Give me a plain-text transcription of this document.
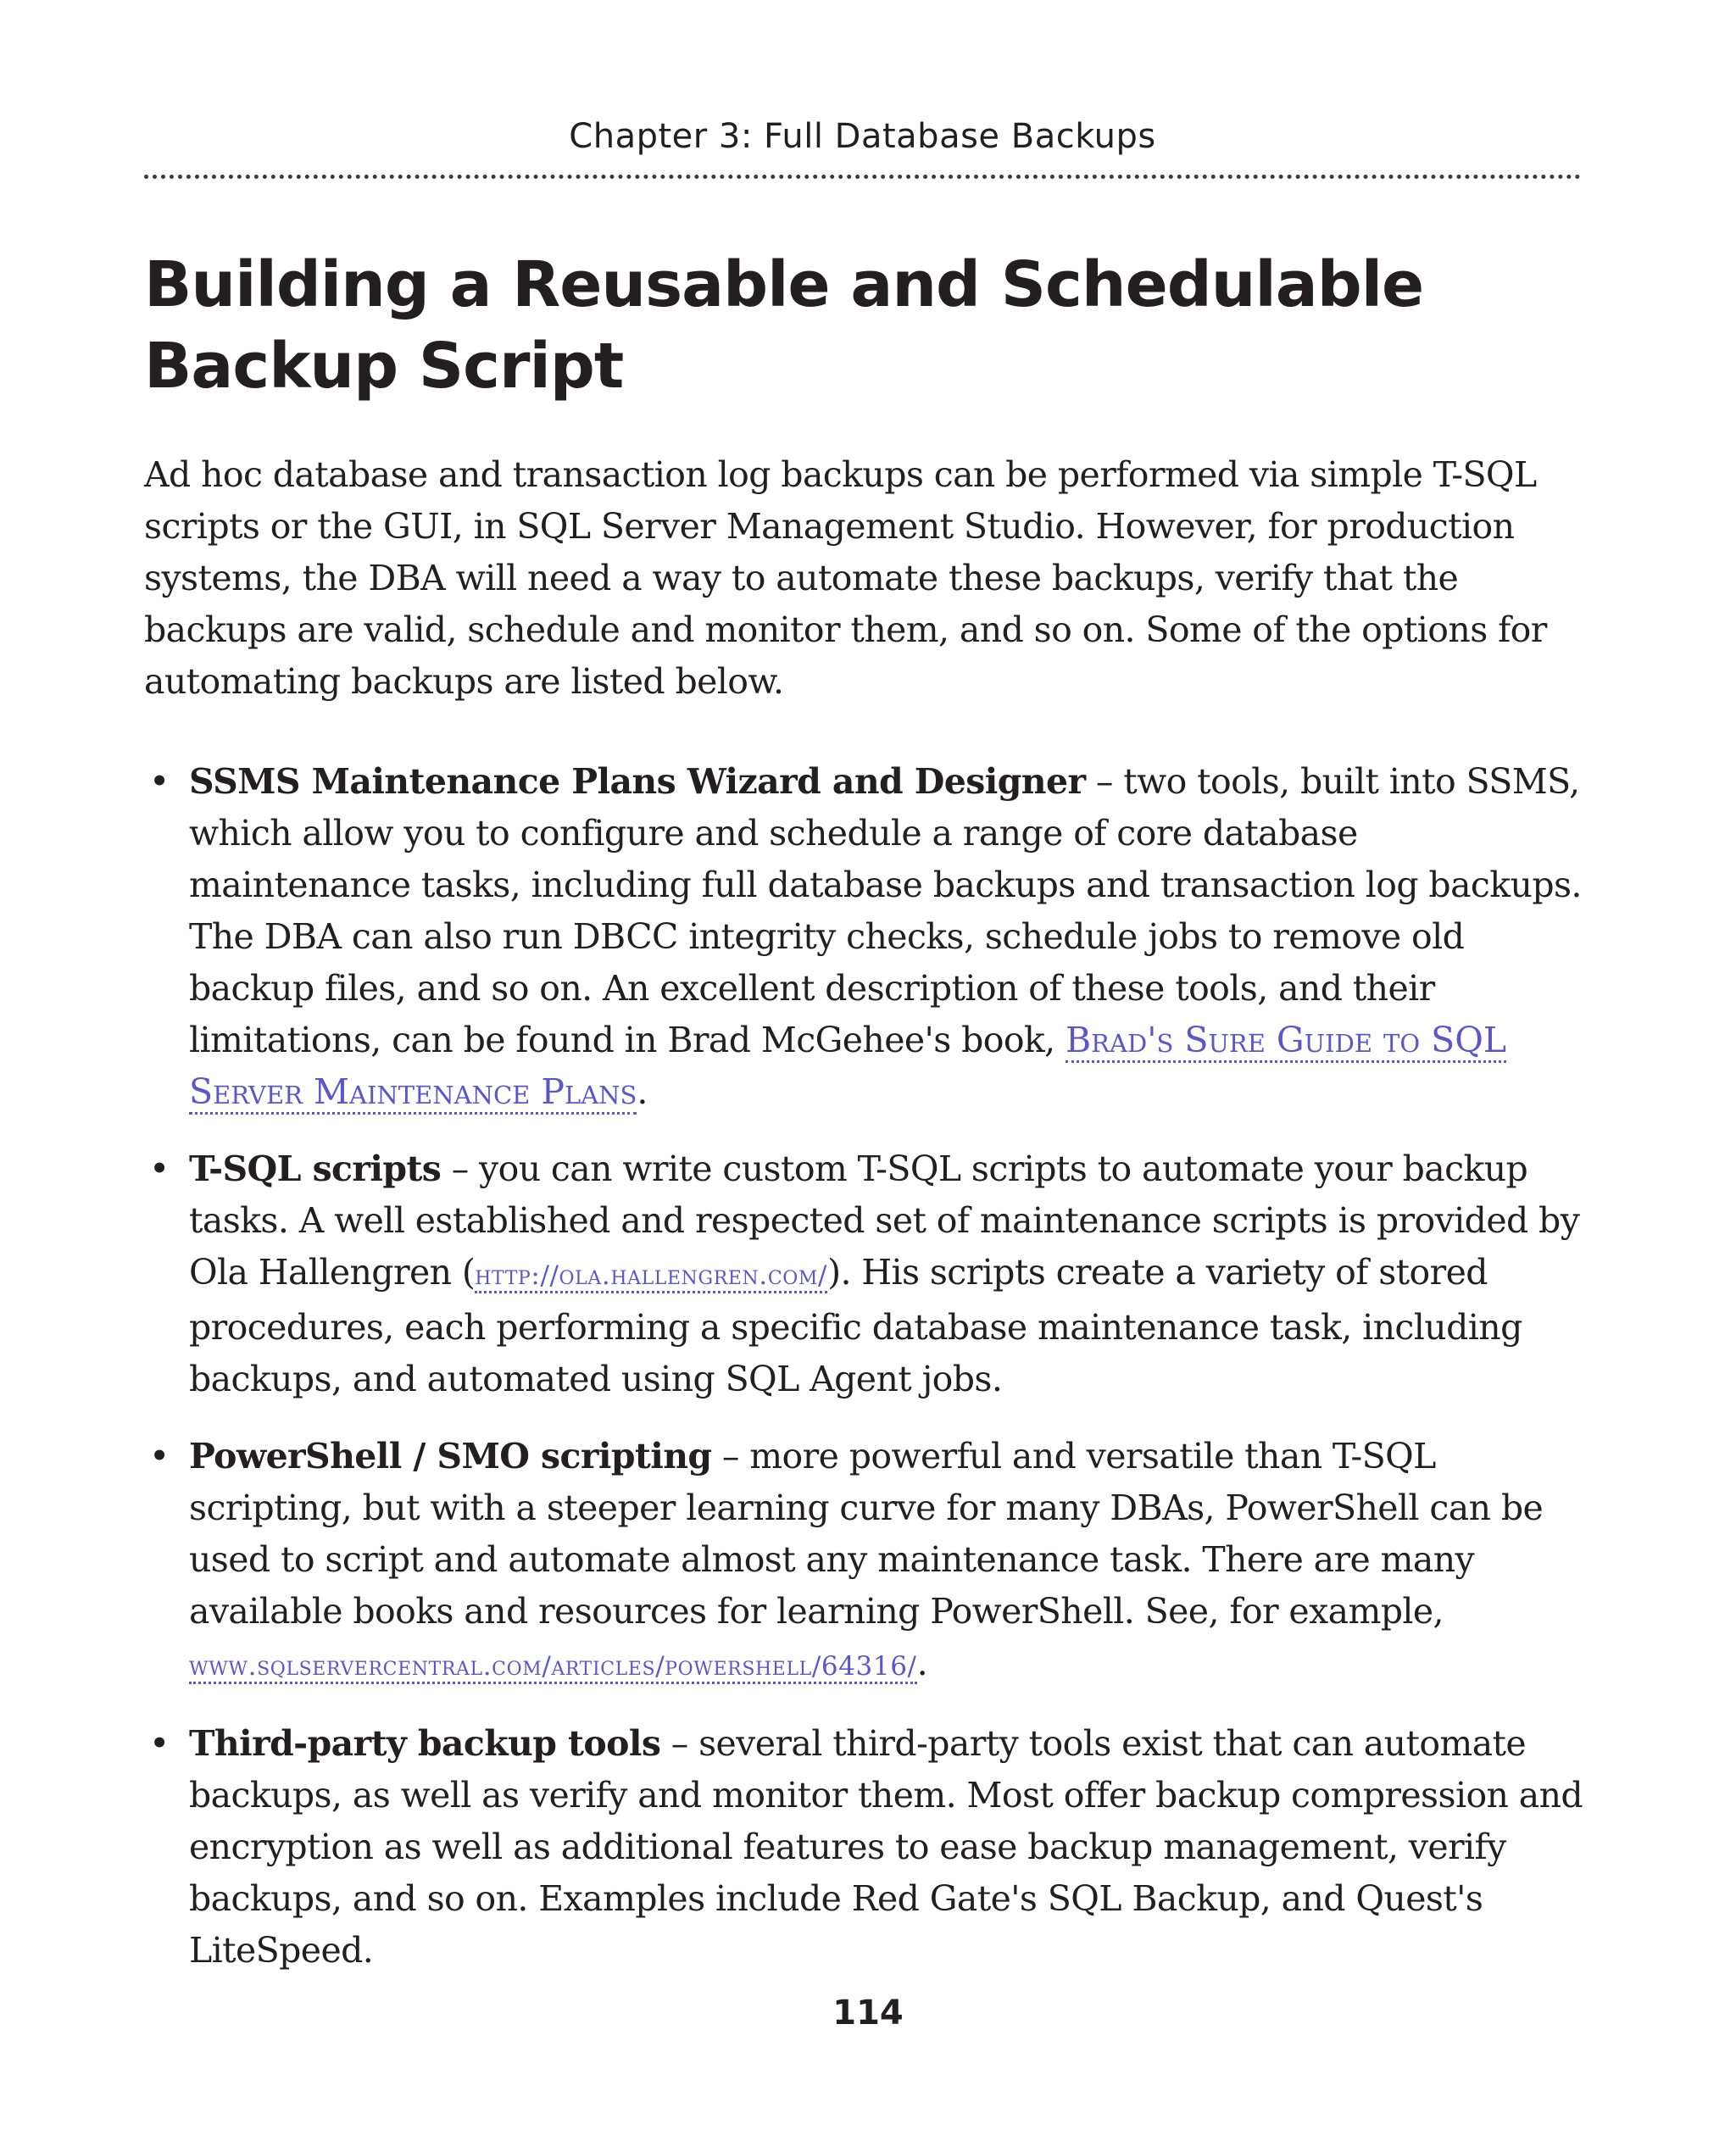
Chapter 3: Full Database Backups
Building a Reusable and Schedulable Backup Script

Ad hoc database and transaction log backups can be performed via simple T-SQL scripts or the GUI, in SQL Server Management Studio. However, for production systems, the DBA will need a way to automate these backups, verify that the backups are valid, schedule and monitor them, and so on. Some of the options for automating backups are listed below.

• SSMS Maintenance Plans Wizard and Designer – two tools, built into SSMS, which allow you to configure and schedule a range of core database maintenance tasks, including full database backups and transaction log backups. The DBA can also run DBCC integrity checks, schedule jobs to remove old backup files, and so on. An excellent description of these tools, and their limitations, can be found in Brad McGehee's book, Brad's Sure Guide to SQL Server Maintenance Plans.
• T-SQL scripts – you can write custom T-SQL scripts to automate your backup tasks. A well established and respected set of maintenance scripts is provided by Ola Hallengren (http://ola.hallengren.com/). His scripts create a variety of stored procedures, each performing a specific database maintenance task, including backups, and automated using SQL Agent jobs.
• PowerShell / SMO scripting – more powerful and versatile than T-SQL scripting, but with a steeper learning curve for many DBAs, PowerShell can be used to script and automate almost any maintenance task. There are many available books and resources for learning PowerShell. See, for example, www.sqlservercentral.com/articles/powershell/64316/.
• Third-party backup tools – several third-party tools exist that can automate backups, as well as verify and monitor them. Most offer backup compression and encryption as well as additional features to ease backup management, verify backups, and so on. Examples include Red Gate's SQL Backup, and Quest's LiteSpeed.
114
